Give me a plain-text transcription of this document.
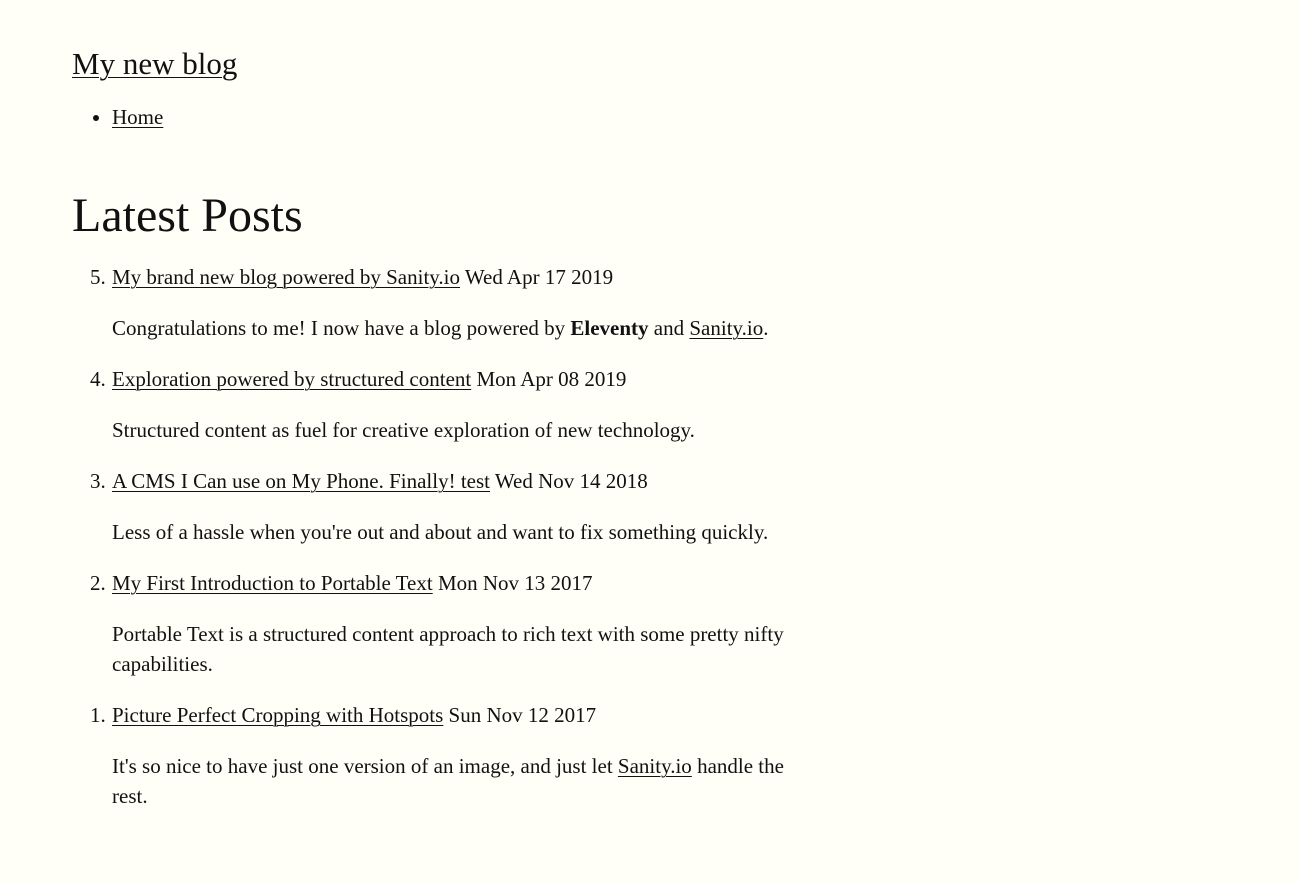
My new blog
• Home
Latest Posts
5. My brand new blog powered by Sanity.io Wed Apr 17 2019

Congratulations to me! I now have a blog powered by Eleventy and Sanity.io.

4. Exploration powered by structured content Mon Apr 08 2019

Structured content as fuel for creative exploration of new technology.

3. A CMS I Can use on My Phone. Finally! test Wed Nov 14 2018

Less of a hassle when you're out and about and want to fix something quickly.

2. My First Introduction to Portable Text Mon Nov 13 2017

Portable Text is a structured content approach to rich text with some pretty nifty capabilities.

1. Picture Perfect Cropping with Hotspots Sun Nov 12 2017

It's so nice to have just one version of an image, and just let Sanity.io handle the rest.
